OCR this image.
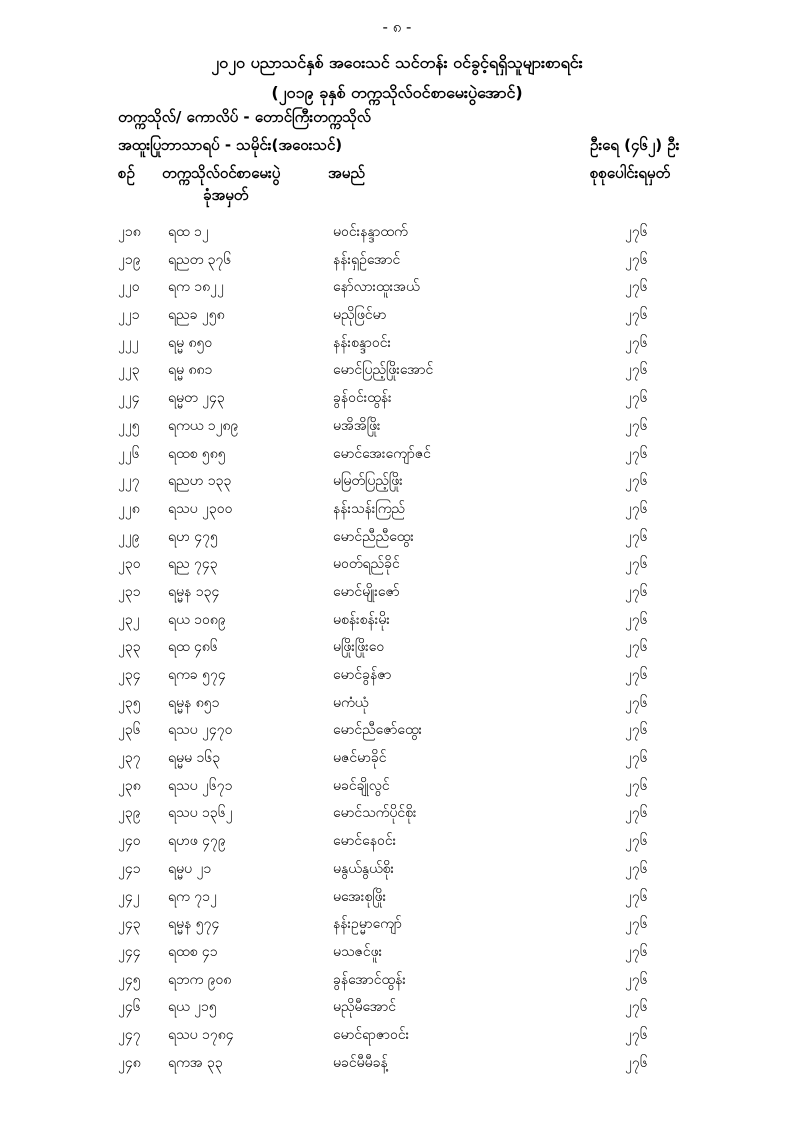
- ၈ -
၂၀၂၀ ပညာသင်နှစ် အဝေးသင် သင်တန်း ဝင်ခွင့်ရရှိသူများစာရင်း
(၂၀၁၉ ခုနှစ် တက္ကသိုလ်ဝင်စာမေးပွဲအောင်)
တက္ကသိုလ်/ ကောလိပ် - တောင်ကြီးတက္ကသိုလ်
အထူးပြုဘာသာရပ် - သမိုင်း(အဝေးသင်)	ဦးရေ (၄၆၂) ဦး
စဉ် တက္ကသိုလ်ဝင်စာမေးပွဲ
ခုံအမှတ်
အမည်	စုစုပေါင်းရမှတ်
၂၁၈ ရထ ၁၂	မဝင်းနန္ဒာထက်	၂၇၆
၂၁၉ ရညတ ၃၇၆	နန်းရှဉ်အောင်	၂၇၆
၂၂၀ ရက ၁၈၂၂	နော်လားထူးအယ်	၂၇၆
၂၂၁ ရညခ ၂၅၈	မညိုဖြင်မာ	၂၇၆
၂၂၂ ရမ္မ ၈၅၀	နန်းစန္ဒာဝင်း	၂၇၆
၂၂၃ ရမ္မ ၈၈၁	မောင်ပြည့်ဖြိုးအောင်	၂၇၆
၂၂၄ ရမ္မတ ၂၄၃	ခွန်ဝင်းထွန်း	၂၇၆
၂၂၅ ရကယ ၁၂၈၉	မအိအိဖြိုး	၂၇၆
၂၂၆ ရထစ ၅၈၅	မောင်အေးကျော်ဇင်	၂၇၆
၂၂၇ ရညဟ ၁၃၃	မမြတ်ပြည့်ဖြိုး	၂၇၆
၂၂၈ ရသပ ၂၃၀၀	နန်းသန်းကြည်	၂၇၆
၂၂၉ ရဟ ၄၇၅	မောင်ညီညီထွေး	၂၇၆
၂၃၀ ရည ၇၄၃	မဝတ်ရည်ခိုင်	၂၇၆
၂၃၁ ရမ္မန ၁၃၄	မောင်မျိုးဇော်	၂၇၆
၂၃၂ ရယ ၁၀၈၉	မစန်းစန်းမိုး	၂၇၆
၂၃၃ ရထ ၄၈၆	မဖြိုးဖြိုးဝေ	၂၇၆
၂၃၄ ရကခ ၅၇၄	မောင်ခွန်ဇာ	၂၇၆
၂၃၅ ရမ္မန ၈၅၁	မကံယုံ	၂၇၆
၂၃၆ ရသပ ၂၄၇၀	မောင်ညီဇော်ထွေး	၂၇၆
၂၃၇ ရမ္မမ ၁၆၃	မဇင်မာခိုင်	၂၇၆
၂၃၈ ရသပ ၂၆၇၁	မခင်ချိုလွင်	၂၇၆
၂၃၉ ရသပ ၁၃၆၂	မောင်သက်ပိုင်စိုး	၂၇၆
၂၄၀ ရဟဖ ၄၇၉	မောင်နေဝင်း	၂၇၆
၂၄၁ ရမ္မပ ၂၁	မနွယ်နွယ်စိုး	၂၇၆
၂၄၂ ရက ၇၁၂	မအေးစုဖြိုး	၂၇၆
၂၄၃ ရမ္မန ၅၇၄	နန်းဥမ္မာကျော်	၂၇၆
၂၄၄ ရထစ ၄၁	မသဇင်ဖူး	၂၇၆
၂၄၅ ရဘက ၉၀၈	ခွန်အောင်ထွန်း	၂၇၆
၂၄၆ ရယ ၂၁၅	မညိုမီအောင်	၂၇၆
၂၄၇ ရသပ ၁၇၈၄	မောင်ရာဇာဝင်း	၂၇၆
၂၄၈ ရကအ ၃၃	မခင်မီမီခန့်	၂၇၆
